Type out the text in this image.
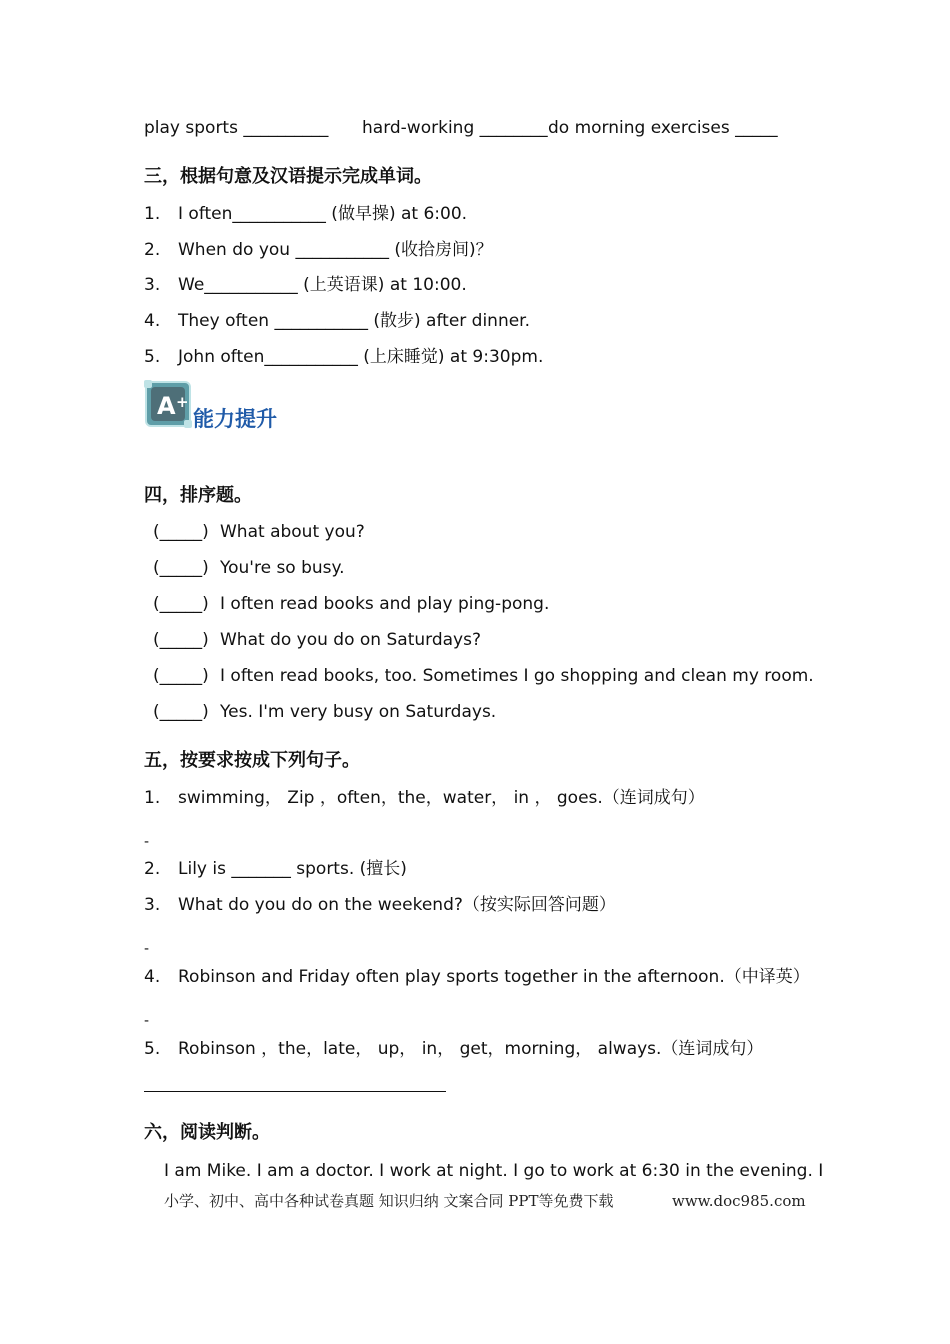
play sports __________ hard-working ________ do morning exercises _____
三，根据句意及汉语提示完成单词。
1. I often___________ (做早操) at 6:00.
2. When do you ___________ (收拾房间)？
3. We___________ (上英语课) at 10:00.
4. They often ___________ (散步) after dinner.
5. John often___________ (上床睡觉) at 9:30pm.
A +
能力提升
四，排序题。
(_____) What about you?
(_____) You're so busy.
(_____) I often read books and play ping-pong.
(_____) What do you do on Saturdays?
(_____) I often read books, too. Sometimes I go shopping and clean my room.
(_____) Yes. I'm very busy on Saturdays.
五，按要求按成下列句子。
1. swimming， Zip ，often，the，water， in ， goes.（连词成句）
-
2. Lily is _______ sports. (擅长)
3. What do you do on the weekend?（按实际回答问题）
-
4. Robinson and Friday often play sports together in the afternoon.（中译英）
-
5. Robinson ，the，late， up， in， get，morning， always.（连词成句）
六，阅读判断。
I am Mike. I am a doctor. I work at night. I go to work at 6:30 in the evening. I
小学、初中、高中各种试卷真题 知识归纳 文案合同 PPT等免费下载	www.doc985.com
